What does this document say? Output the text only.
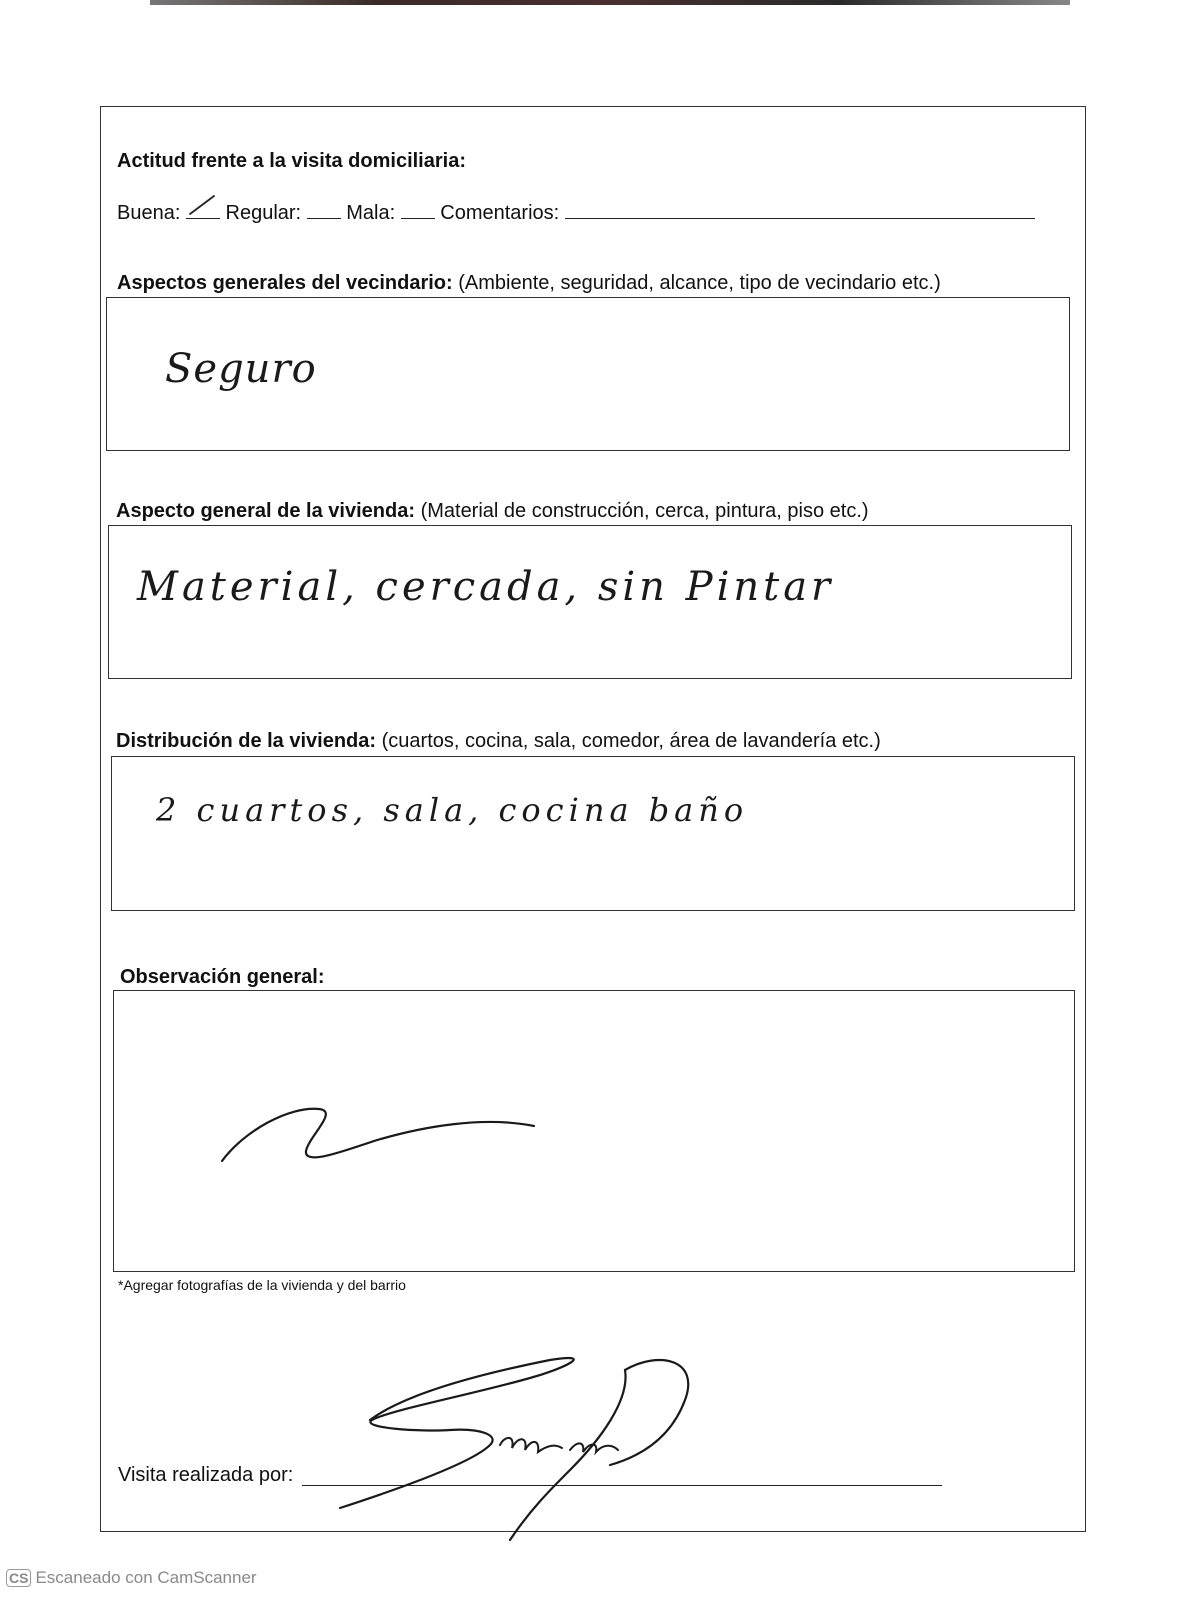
Actitud frente a la visita domiciliaria:
Buena: Regular: Mala: Comentarios:
Aspectos generales del vecindario: (Ambiente, seguridad, alcance, tipo de vecindario etc.)
Seguro
Aspecto general de la vivienda: (Material de construcción, cerca, pintura, piso etc.)
Material, cercada, sin Pintar
Distribución de la vivienda: (cuartos, cocina, sala, comedor, área de lavandería etc.)
2 cuartos, sala, cocina baño
Observación general:
*Agregar fotografías de la vivienda y del barrio
Visita realizada por:
CS Escaneado con CamScanner
